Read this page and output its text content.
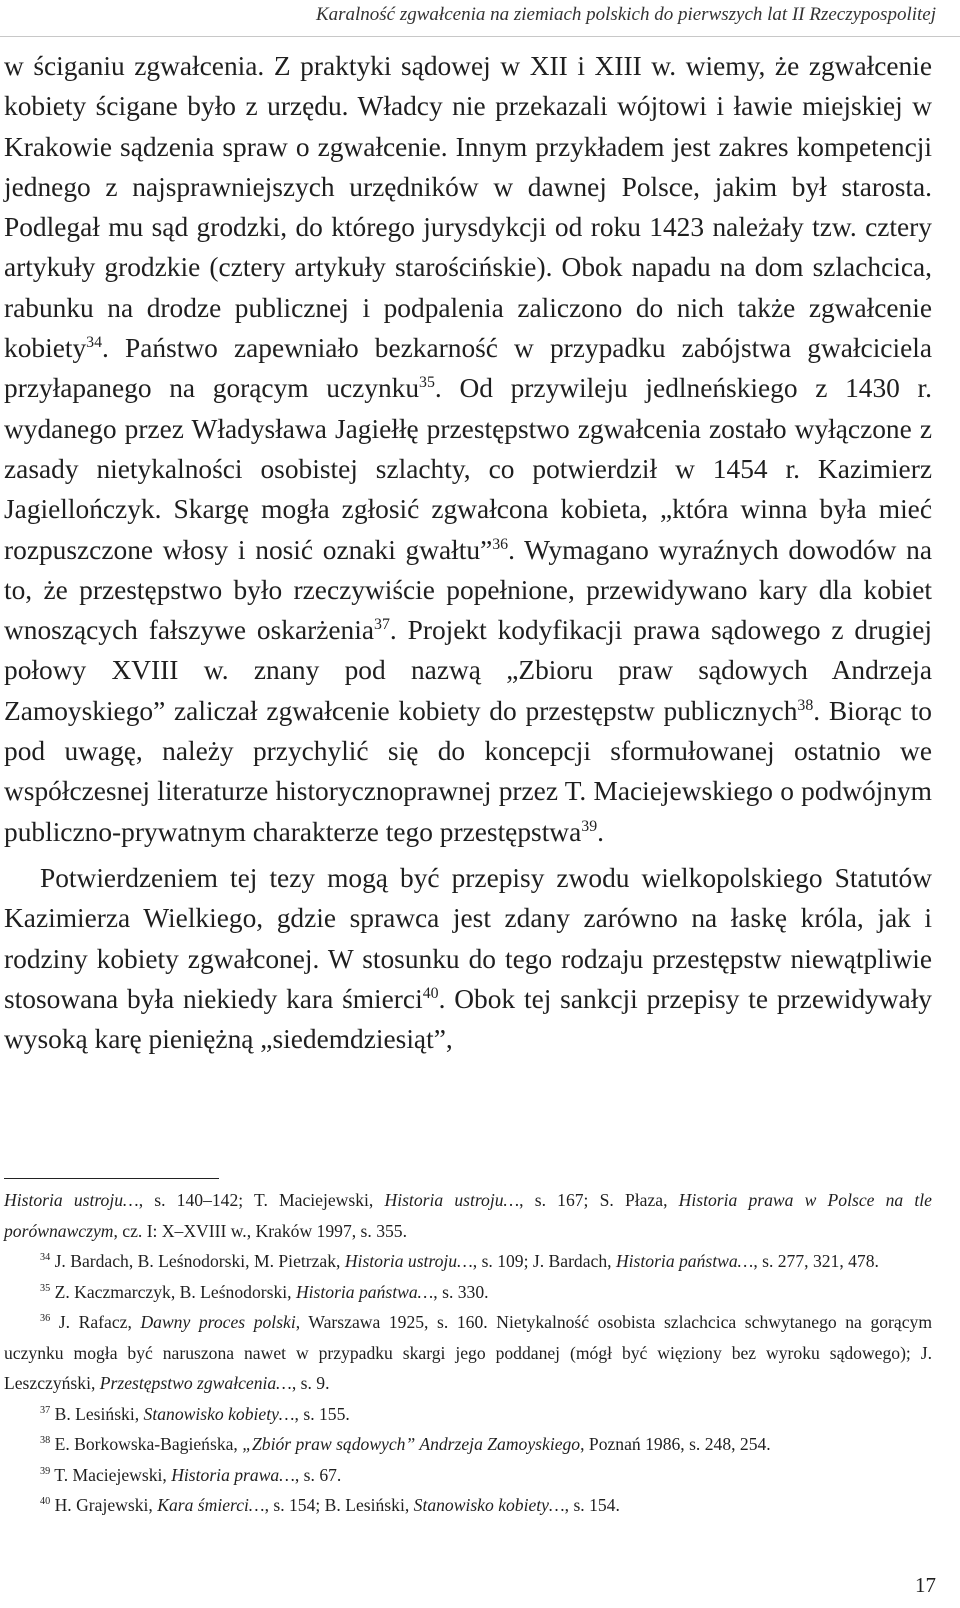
Karalność zgwałcenia na ziemiach polskich do pierwszych lat II Rzeczypospolitej

w ściganiu zgwałcenia. Z praktyki sądowej w XII i XIII w. wiemy, że zgwałcenie kobiety ścigane było z urzędu. Władcy nie przekazali wójtowi i ławie miejskiej w Krakowie sądzenia spraw o zgwałcenie. Innym przykładem jest zakres kompetencji jednego z najsprawniejszych urzędników w dawnej Polsce, jakim był starosta. Podlegał mu sąd grodzki, do którego jurysdykcji od roku 1423 należały tzw. cztery artykuły grodzkie (cztery artykuły starościńskie). Obok napadu na dom szlachcica, rabunku na drodze publicznej i podpalenia zaliczono do nich także zgwałcenie kobiety$^{34}$. Państwo zapewniało bezkarność w przypadku zabójstwa gwałciciela przyłapanego na gorącym uczynku$^{35}$. Od przywileju jedlneńskiego z 1430 r. wydanego przez Władysława Jagiełłę przestępstwo zgwałcenia zostało wyłączone z zasady nietykalności osobistej szlachty, co potwierdził w 1454 r. Kazimierz Jagiellończyk. Skargę mogła zgłosić zgwałcona kobieta, „która winna była mieć rozpuszczone włosy i nosić oznaki gwałtu”$^{36}$. Wymagano wyraźnych dowodów na to, że przestępstwo było rzeczywiście popełnione, przewidywano kary dla kobiet wnoszących fałszywe oskarżenia$^{37}$. Projekt kodyfikacji prawa sądowego z drugiej połowy XVIII w. znany pod nazwą „Zbioru praw sądowych Andrzeja Zamoyskiego” zaliczał zgwałcenie kobiety do przestępstw publicznych$^{38}$. Biorąc to pod uwagę, należy przychylić się do koncepcji sformułowanej ostatnio we współczesnej literaturze historycznoprawnej przez T. Maciejewskiego o podwójnym publiczno-prywatnym charakterze tego przestępstwa$^{39}$.

Potwierdzeniem tej tezy mogą być przepisy zwodu wielkopolskiego Statutów Kazimierza Wielkiego, gdzie sprawca jest zdany zarówno na łaskę króla, jak i rodziny kobiety zgwałconej. W stosunku do tego rodzaju przestępstw niewątpliwie stosowana była niekiedy kara śmierci$^{40}$. Obok tej sankcji przepisy te przewidywały wysoką karę pieniężną „siedemdziesiąt”,

Historia ustroju…, s. 140–142; T. Maciejewski, Historia ustroju…, s. 167; S. Płaza, Historia prawa w Polsce na tle porównawczym, cz. I: X–XVIII w., Kraków 1997, s. 355.

$^{34}$ J. Bardach, B. Leśnodorski, M. Pietrzak, Historia ustroju…, s. 109; J. Bardach, Historia państwa…, s. 277, 321, 478.

$^{35}$ Z. Kaczmarczyk, B. Leśnodorski, Historia państwa…, s. 330.

$^{36}$ J. Rafacz, Dawny proces polski, Warszawa 1925, s. 160. Nietykalność osobista szlachcica schwytanego na gorącym uczynku mogła być naruszona nawet w przypadku skargi jego poddanej (mógł być więziony bez wyroku sądowego); J. Leszczyński, Przestępstwo zgwałcenia…, s. 9.

$^{37}$ B. Lesiński, Stanowisko kobiety…, s. 155.

$^{38}$ E. Borkowska-Bagieńska, „Zbiór praw sądowych” Andrzeja Zamoyskiego, Poznań 1986, s. 248, 254.

$^{39}$ T. Maciejewski, Historia prawa…, s. 67.

$^{40}$ H. Grajewski, Kara śmierci…, s. 154; B. Lesiński, Stanowisko kobiety…, s. 154.

17
